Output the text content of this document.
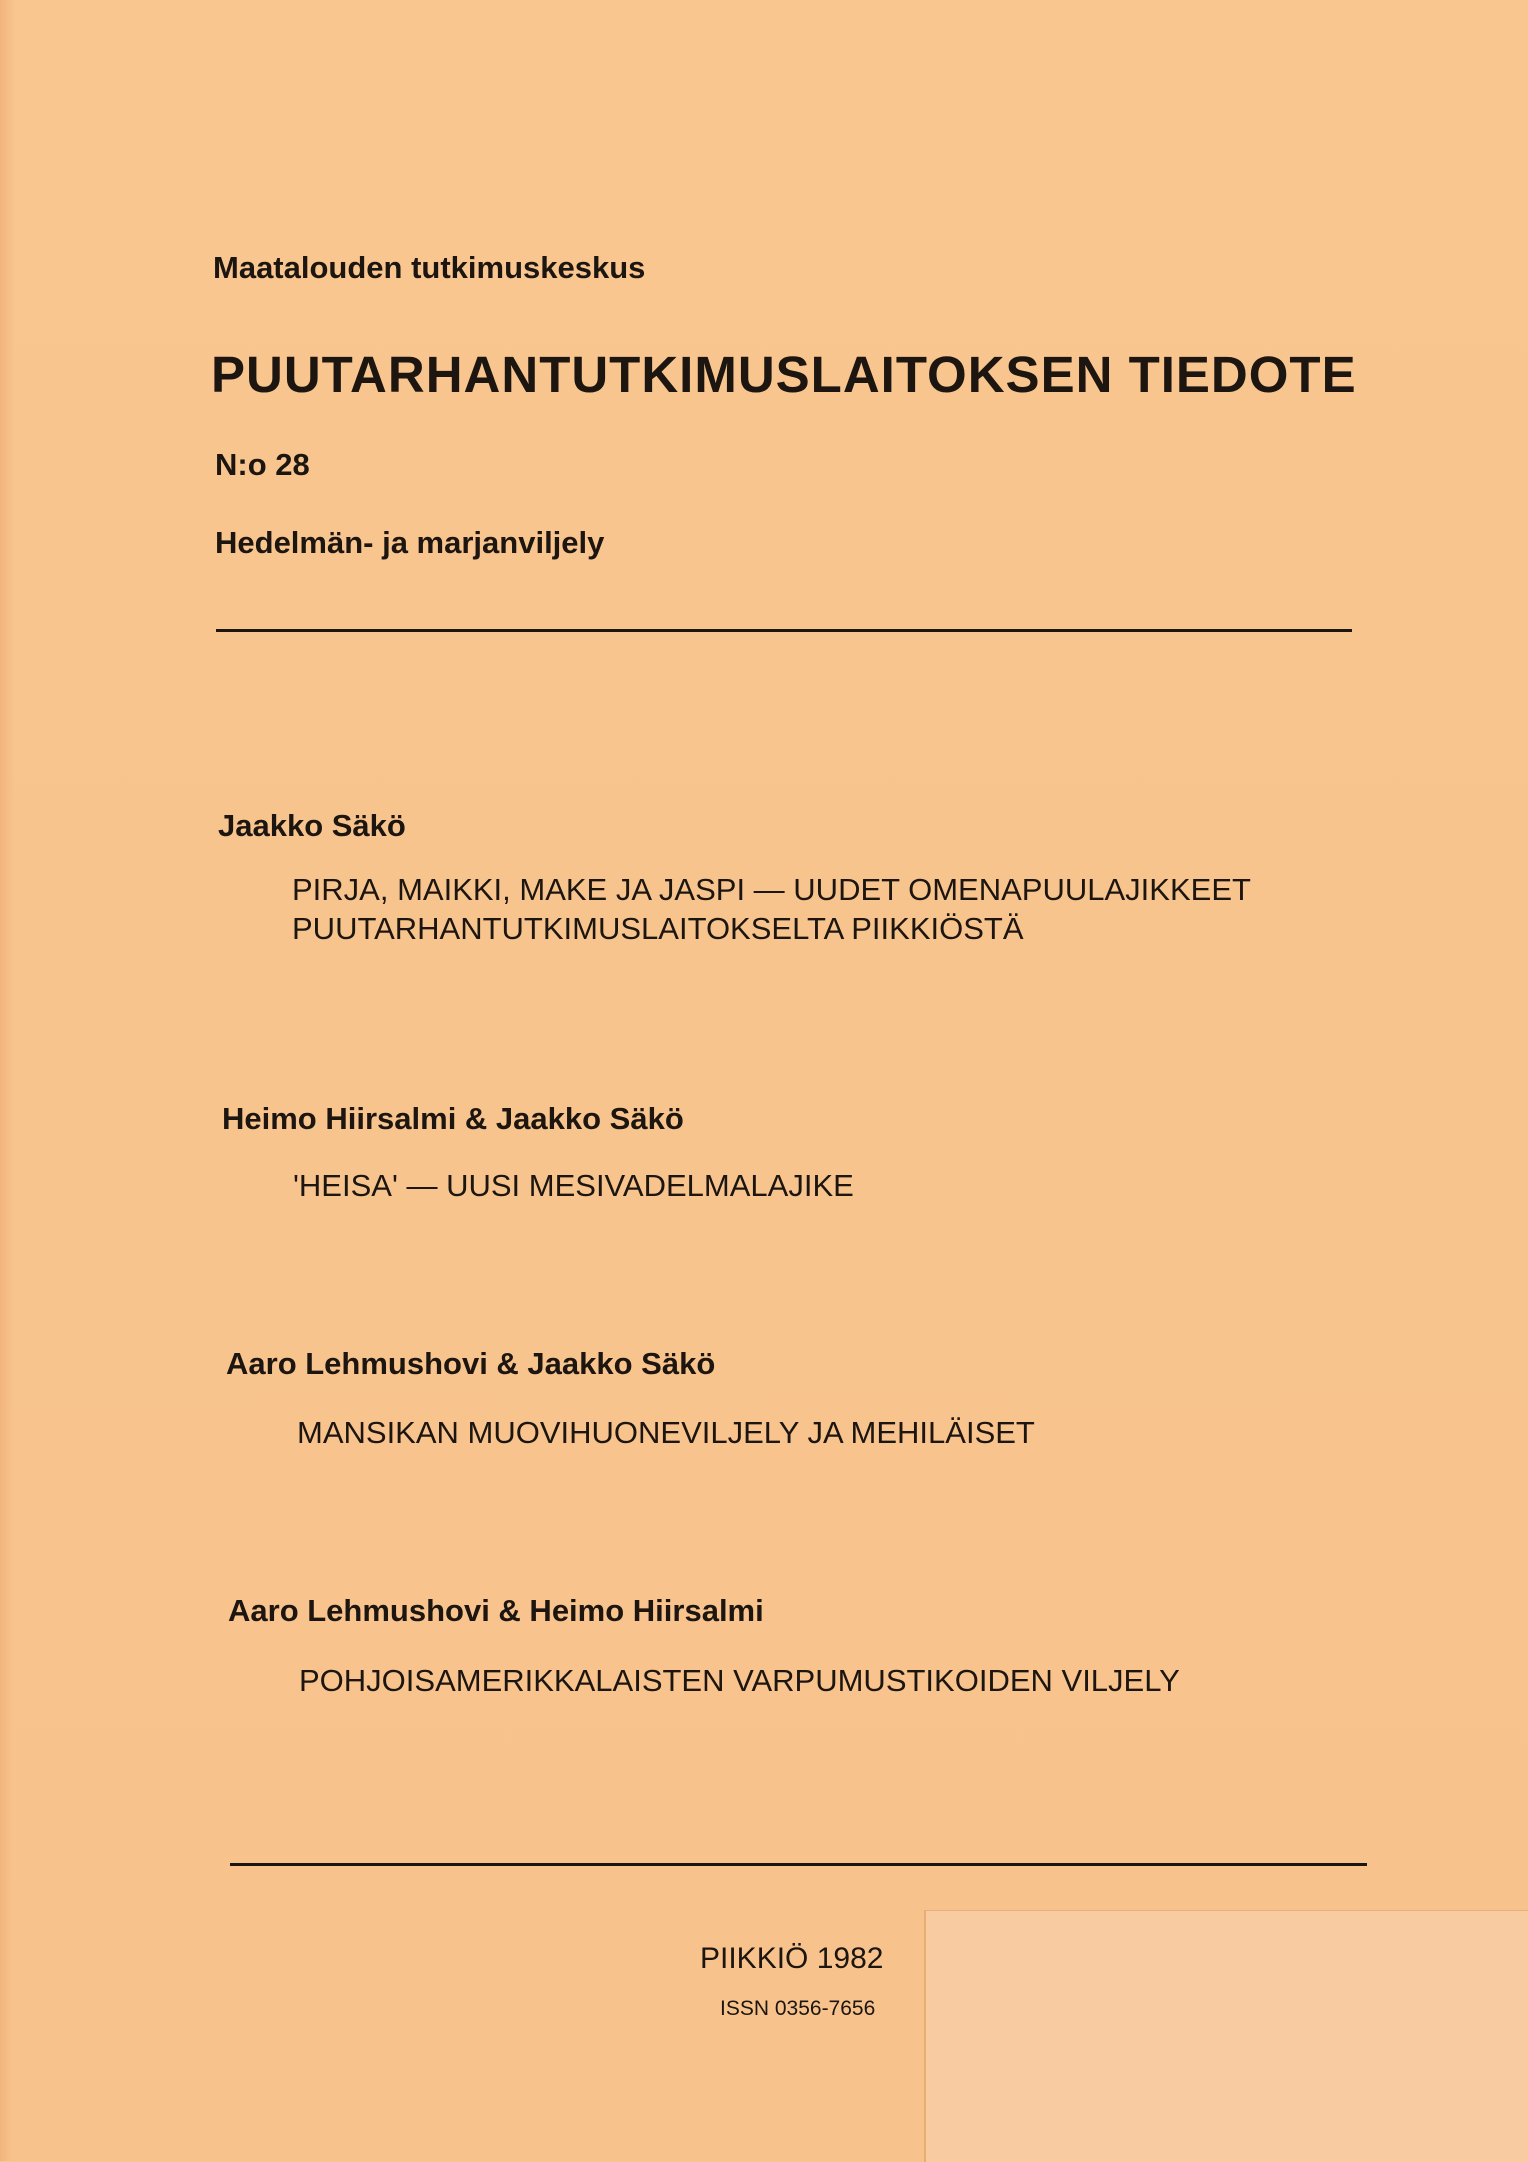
Maatalouden tutkimuskeskus
PUUTARHANTUTKIMUSLAITOKSEN TIEDOTE
N:o 28
Hedelmän- ja marjanviljely
Jaakko Säkö
PIRJA, MAIKKI, MAKE JA JASPI — UUDET OMENAPUULAJIKKEET
PUUTARHANTUTKIMUSLAITOKSELTA PIIKKIÖSTÄ
Heimo Hiirsalmi & Jaakko Säkö
'HEISA' — UUSI MESIVADELMALAJIKE
Aaro Lehmushovi & Jaakko Säkö
MANSIKAN MUOVIHUONEVILJELY JA MEHILÄISET
Aaro Lehmushovi & Heimo Hiirsalmi
POHJOISAMERIKKALAISTEN VARPUMUSTIKOIDEN VILJELY
PIIKKIÖ 1982
ISSN 0356-7656
